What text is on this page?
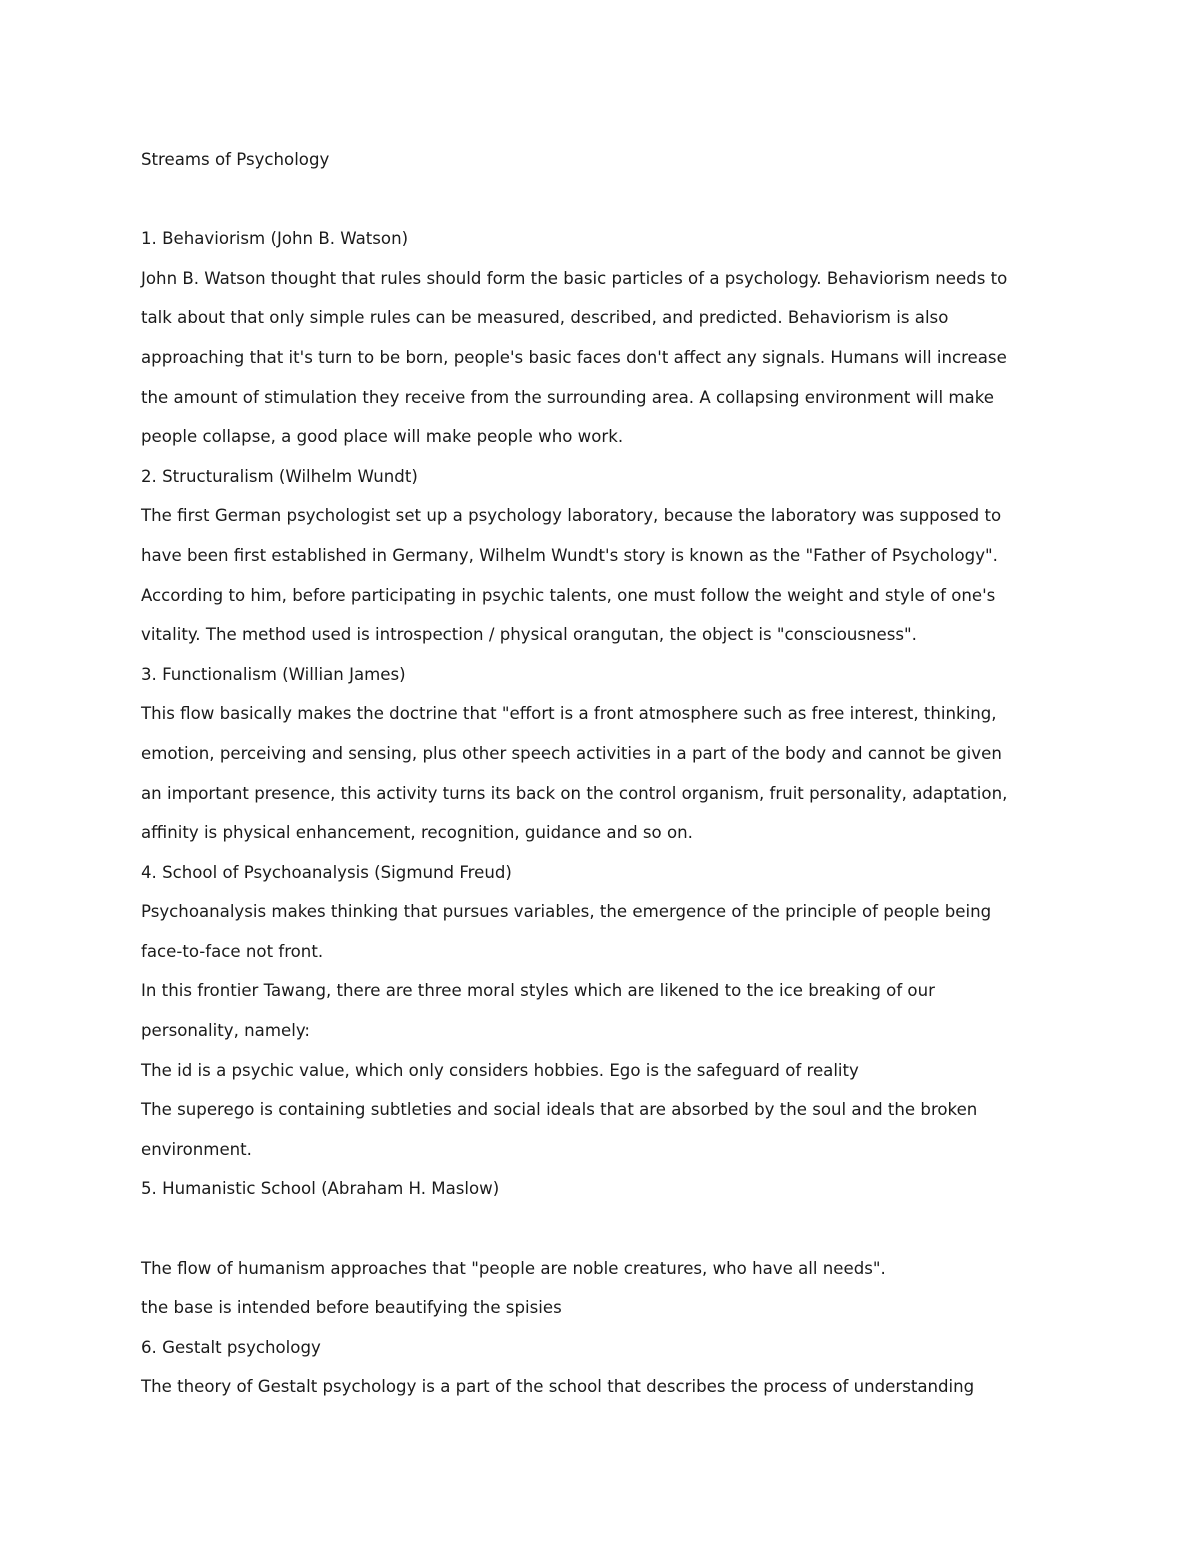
Streams of Psychology

1. Behaviorism (John B. Watson)

John B. Watson thought that rules should form the basic particles of a psychology. Behaviorism needs to

talk about that only simple rules can be measured, described, and predicted. Behaviorism is also

approaching that it's turn to be born, people's basic faces don't affect any signals. Humans will increase

the amount of stimulation they receive from the surrounding area. A collapsing environment will make

people collapse, a good place will make people who work.

2. Structuralism (Wilhelm Wundt)

The first German psychologist set up a psychology laboratory, because the laboratory was supposed to

have been first established in Germany, Wilhelm Wundt's story is known as the "Father of Psychology".

According to him, before participating in psychic talents, one must follow the weight and style of one's

vitality. The method used is introspection / physical orangutan, the object is "consciousness".

3. Functionalism (Willian James)

This flow basically makes the doctrine that "effort is a front atmosphere such as free interest, thinking,

emotion, perceiving and sensing, plus other speech activities in a part of the body and cannot be given

an important presence, this activity turns its back on the control organism, fruit personality, adaptation,

affinity is physical enhancement, recognition, guidance and so on.

4. School of Psychoanalysis (Sigmund Freud)

Psychoanalysis makes thinking that pursues variables, the emergence of the principle of people being

face-to-face not front.

In this frontier Tawang, there are three moral styles which are likened to the ice breaking of our

personality, namely:

The id is a psychic value, which only considers hobbies. Ego is the safeguard of reality

The superego is containing subtleties and social ideals that are absorbed by the soul and the broken

environment.

5. Humanistic School (Abraham H. Maslow)

The flow of humanism approaches that "people are noble creatures, who have all needs".

the base is intended before beautifying the spisies

6. Gestalt psychology

The theory of Gestalt psychology is a part of the school that describes the process of understanding
